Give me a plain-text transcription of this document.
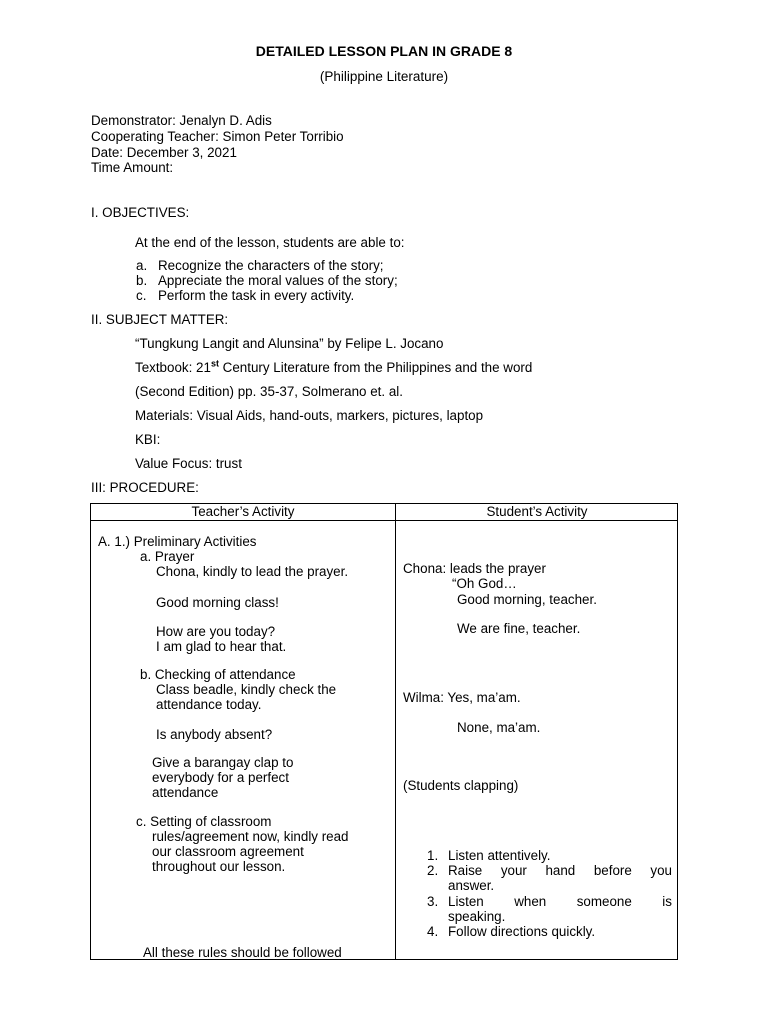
DETAILED LESSON PLAN IN GRADE 8
(Philippine Literature)
Demonstrator: Jenalyn D. Adis
Cooperating Teacher: Simon Peter Torribio
Date: December 3, 2021
Time Amount:
I. OBJECTIVES:
At the end of the lesson, students are able to:
a. Recognize the characters of the story;
b. Appreciate the moral values of the story;
c. Perform the task in every activity.
II. SUBJECT MATTER:
“Tungkung Langit and Alunsina” by Felipe L. Jocano
Textbook: 21st Century Literature from the Philippines and the word
(Second Edition) pp. 35-37, Solmerano et. al.
Materials: Visual Aids, hand-outs, markers, pictures, laptop
KBI:
Value Focus: trust
III: PROCEDURE:
Teacher’s Activity	Student’s Activity
A. 1.) Preliminary Activities
a. Prayer
Chona, kindly to lead the prayer.
Good morning class!
How are you today?
I am glad to hear that.
b. Checking of attendance
Class beadle, kindly check the
attendance today.
Is anybody absent?
Give a barangay clap to
everybody for a perfect
attendance
c. Setting of classroom
rules/agreement now, kindly read
our classroom agreement
throughout our lesson.
All these rules should be followed
Chona: leads the prayer
“Oh God…
Good morning, teacher.
We are fine, teacher.
Wilma: Yes, ma’am.
None, ma’am.
(Students clapping)
1. Listen attentively.
2. Raise your hand before you
answer.
3. Listen when someone is
speaking.
4. Follow directions quickly.
